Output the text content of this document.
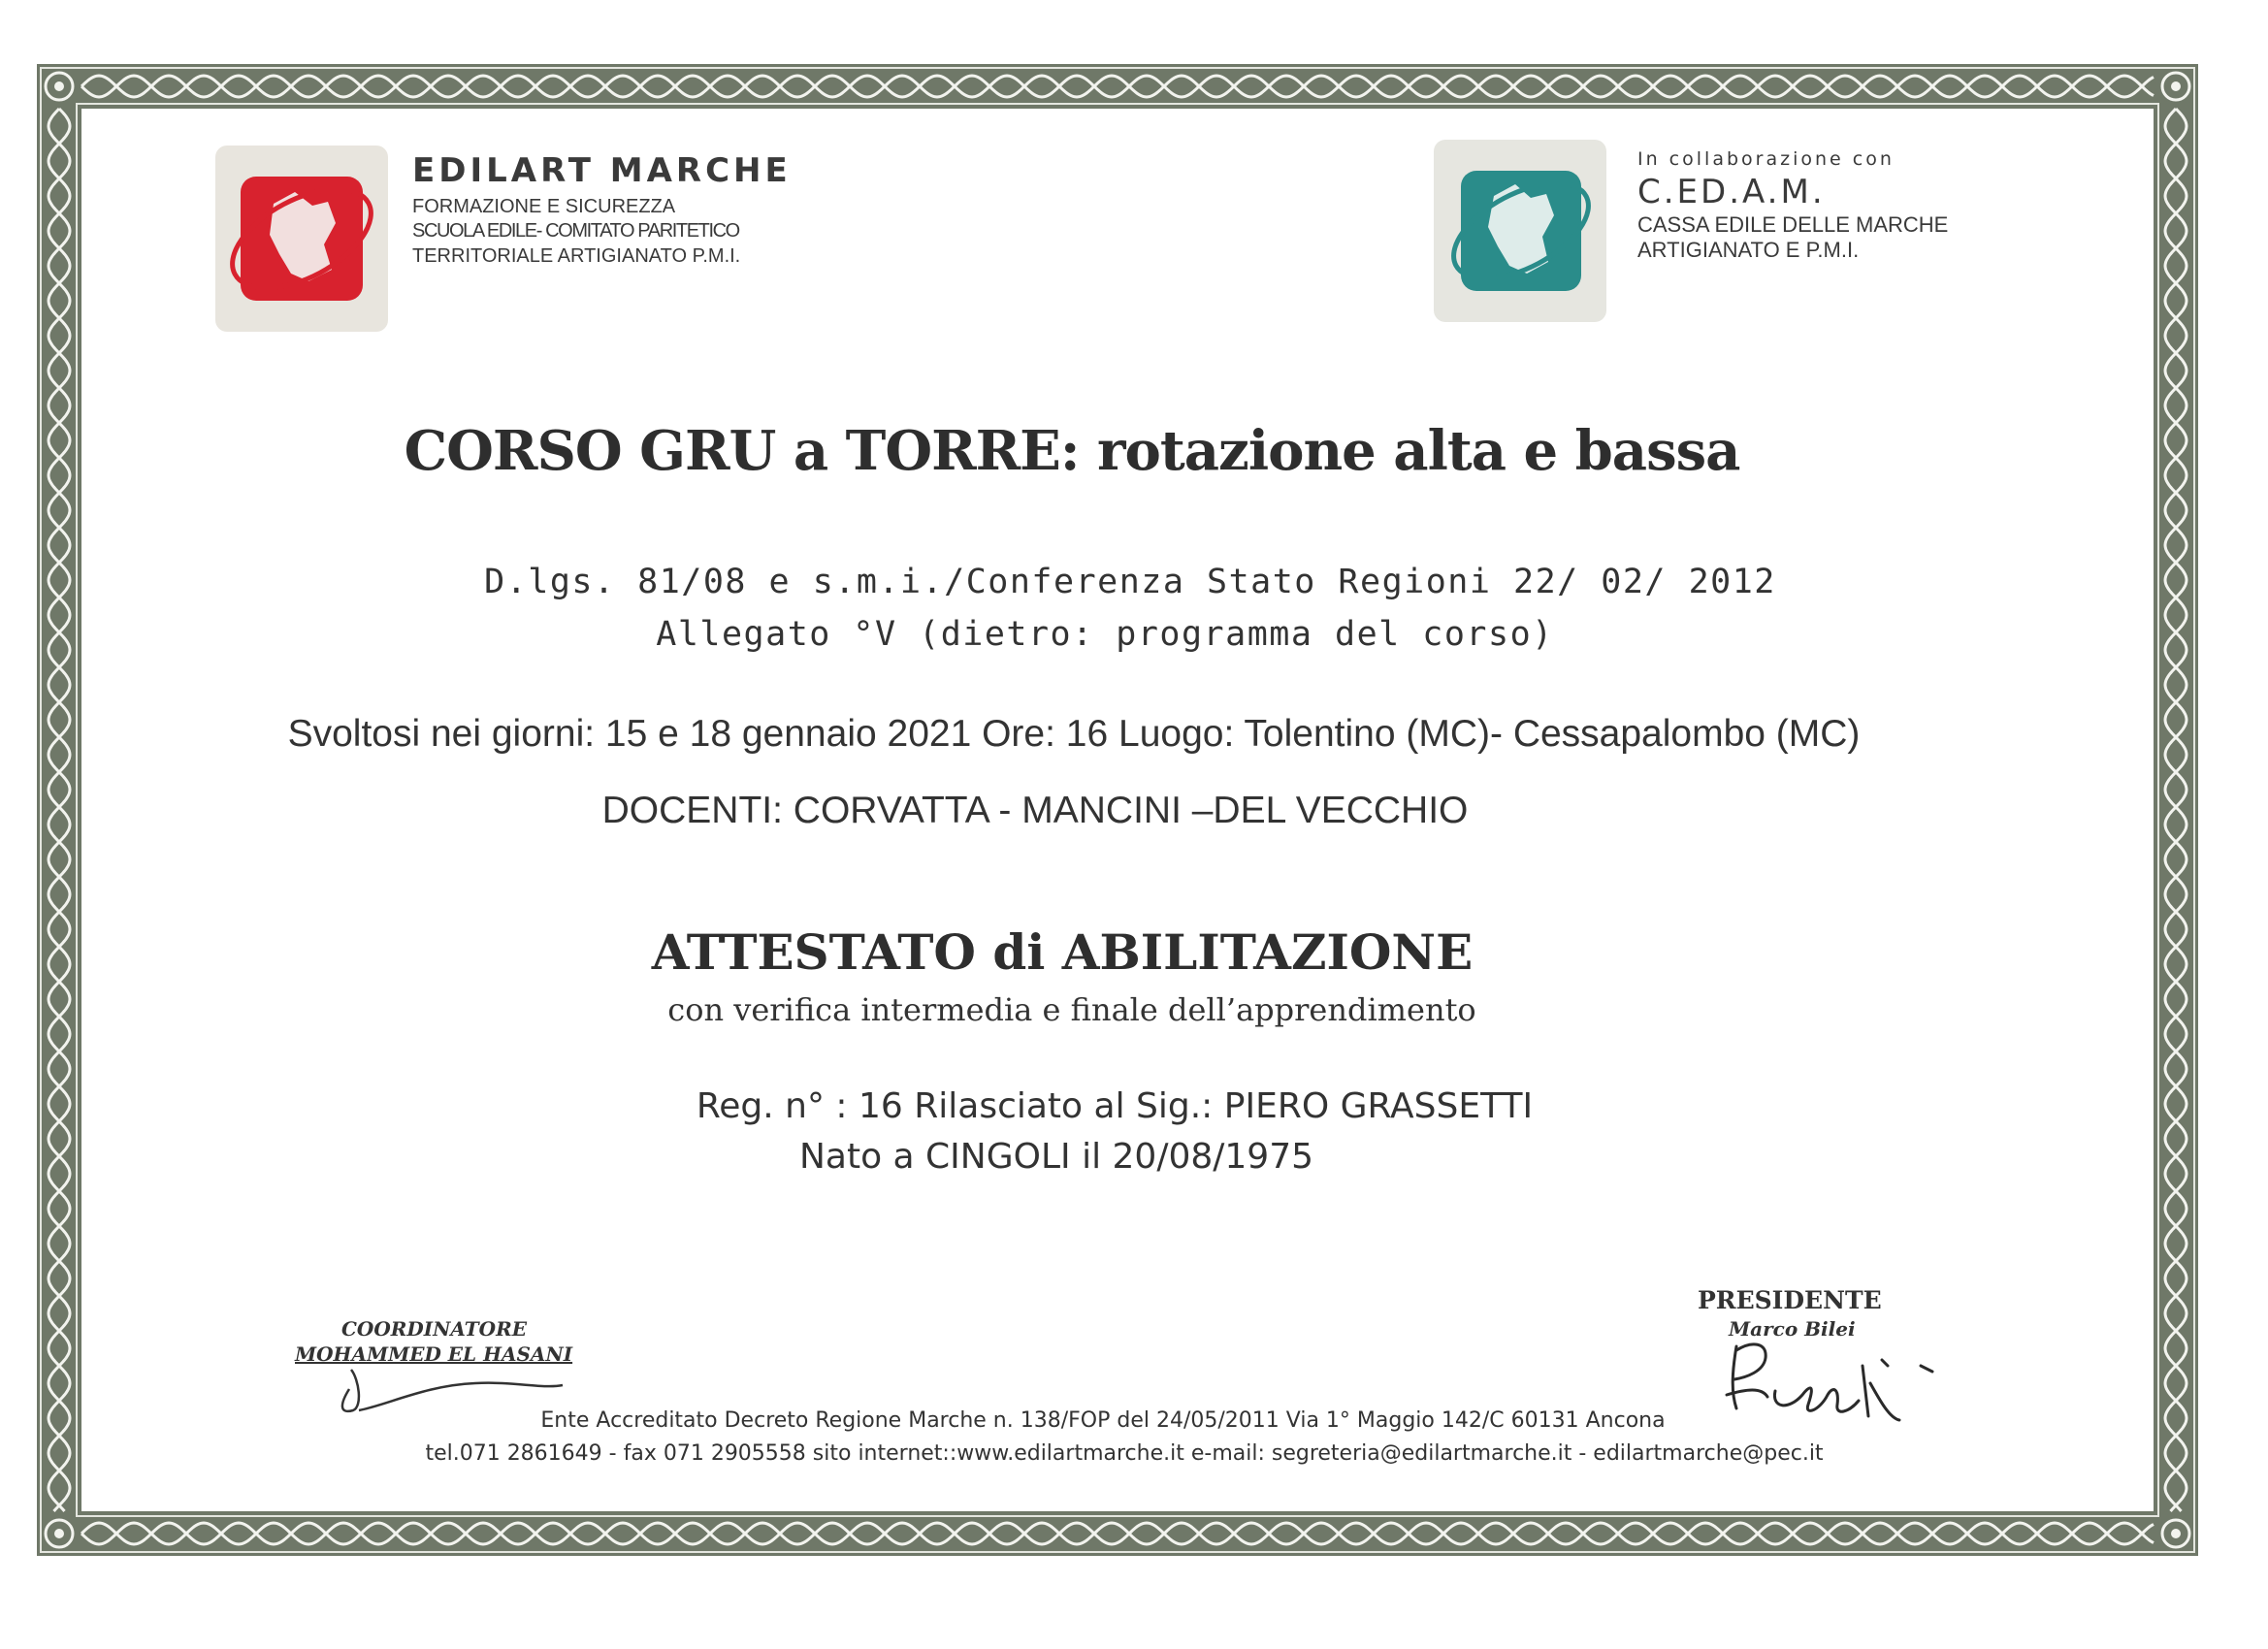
EDILART MARCHE
FORMAZIONE E SICUREZZA
SCUOLA EDILE- COMITATO PARITETICO
TERRITORIALE ARTIGIANATO P.M.I.
In collaborazione con
C.ED.A.M.
CASSA EDILE DELLE MARCHE
ARTIGIANATO E P.M.I.
CORSO GRU a TORRE: rotazione alta e bassa
D.lgs. 81/08 e s.m.i./Conferenza Stato Regioni 22/ 02/ 2012
Allegato °V (dietro: programma del corso)
Svoltosi nei giorni: 15 e 18 gennaio 2021 Ore: 16 Luogo: Tolentino (MC)- Cessapalombo (MC)
DOCENTI: CORVATTA - MANCINI –DEL VECCHIO
ATTESTATO di ABILITAZIONE
con verifica intermedia e finale dell’apprendimento
Reg. n° : 16 Rilasciato al Sig.: PIERO GRASSETTI
Nato a CINGOLI il 20/08/1975
COORDINATORE
MOHAMMED EL HASANI
PRESIDENTE
Marco Bilei
Ente Accreditato Decreto Regione Marche n. 138/FOP del 24/05/2011 Via 1° Maggio 142/C 60131 Ancona
tel.071 2861649 - fax 071 2905558 sito internet::www.edilartmarche.it e-mail: segreteria@edilartmarche.it - edilartmarche@pec.it
